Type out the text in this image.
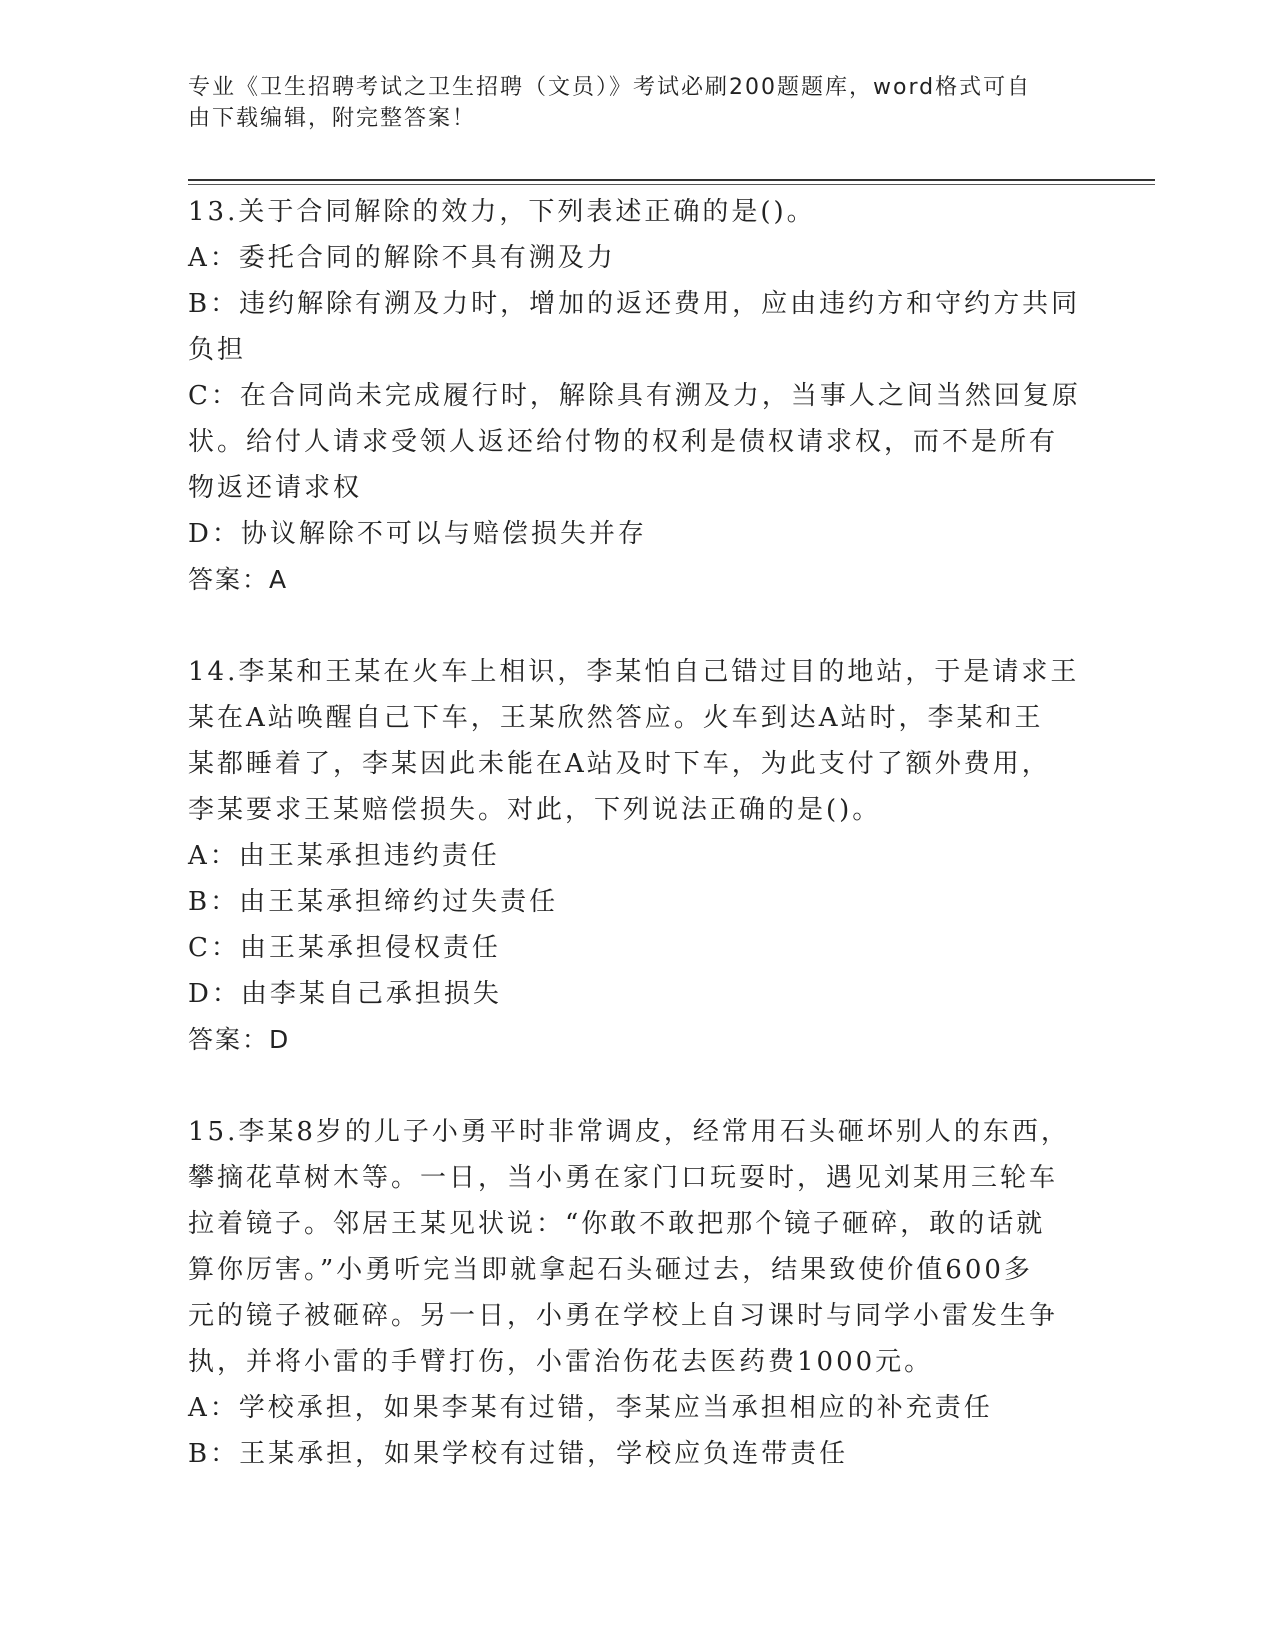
专业《卫生招聘考试之卫生招聘（文员）》考试必刷200题题库，word格式可自
由下载编辑，附完整答案！
13.关于合同解除的效力，下列表述正确的是()。
A：委托合同的解除不具有溯及力
B：违约解除有溯及力时，增加的返还费用，应由违约方和守约方共同
负担
C：在合同尚未完成履行时，解除具有溯及力，当事人之间当然回复原
状。给付人请求受领人返还给付物的权利是债权请求权，而不是所有
物返还请求权
D：协议解除不可以与赔偿损失并存
答案：A
14.李某和王某在火车上相识，李某怕自己错过目的地站，于是请求王
某在A站唤醒自己下车，王某欣然答应。火车到达A站时，李某和王
某都睡着了，李某因此未能在A站及时下车，为此支付了额外费用，
李某要求王某赔偿损失。对此，下列说法正确的是()。
A：由王某承担违约责任
B：由王某承担缔约过失责任
C：由王某承担侵权责任
D：由李某自己承担损失
答案：D
15.李某8岁的儿子小勇平时非常调皮，经常用石头砸坏别人的东西，
攀摘花草树木等。一日，当小勇在家门口玩耍时，遇见刘某用三轮车
拉着镜子。邻居王某见状说：“你敢不敢把那个镜子砸碎，敢的话就
算你厉害。”小勇听完当即就拿起石头砸过去，结果致使价值600多
元的镜子被砸碎。另一日，小勇在学校上自习课时与同学小雷发生争
执，并将小雷的手臂打伤，小雷治伤花去医药费1000元。
A：学校承担，如果李某有过错，李某应当承担相应的补充责任
B：王某承担，如果学校有过错，学校应负连带责任
